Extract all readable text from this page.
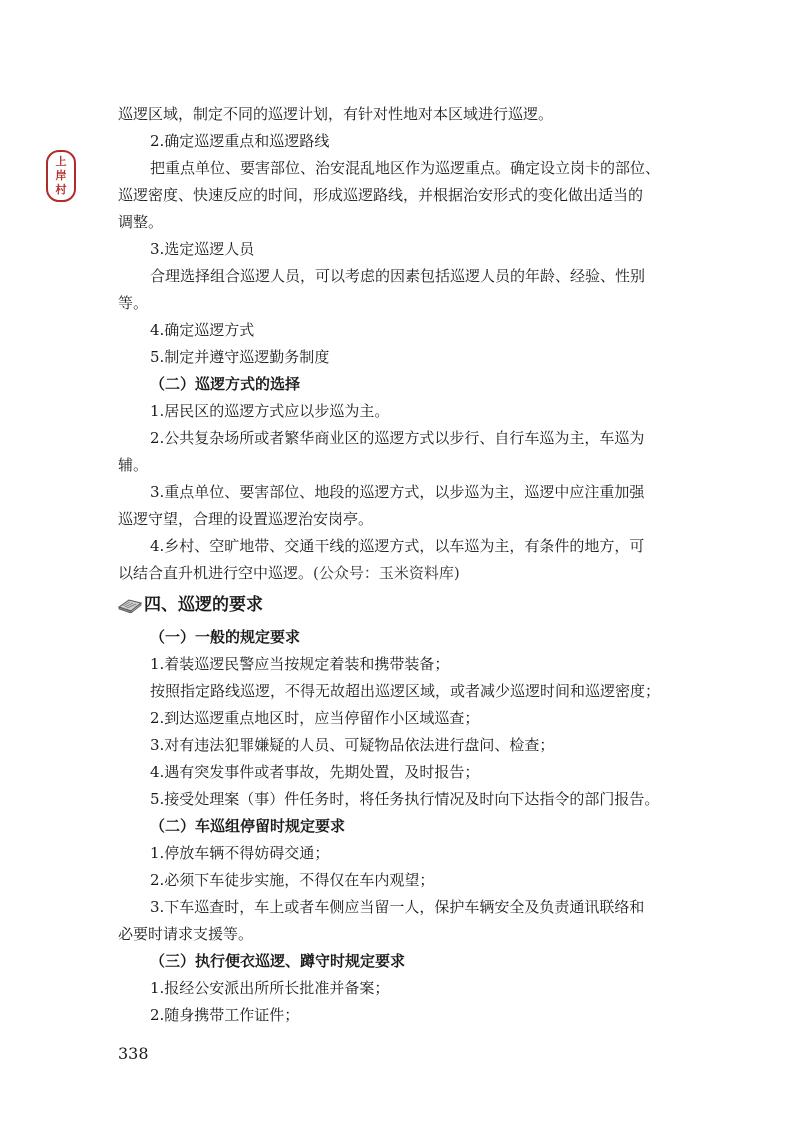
上
岸
村
巡逻区域，制定不同的巡逻计划，有针对性地对本区域进行巡逻。
2.确定巡逻重点和巡逻路线
把重点单位、要害部位、治安混乱地区作为巡逻重点。确定设立岗卡的部位、
巡逻密度、快速反应的时间，形成巡逻路线，并根据治安形式的变化做出适当的
调整。
3.选定巡逻人员
合理选择组合巡逻人员，可以考虑的因素包括巡逻人员的年龄、经验、性别
等。
4.确定巡逻方式
5.制定并遵守巡逻勤务制度
（二）巡逻方式的选择
1.居民区的巡逻方式应以步巡为主。
2.公共复杂场所或者繁华商业区的巡逻方式以步行、自行车巡为主，车巡为
辅。
3.重点单位、要害部位、地段的巡逻方式，以步巡为主，巡逻中应注重加强
巡逻守望，合理的设置巡逻治安岗亭。
4.乡村、空旷地带、交通干线的巡逻方式，以车巡为主，有条件的地方，可
以结合直升机进行空中巡逻。(公众号：玉米资料库)
四、巡逻的要求
（一）一般的规定要求
1.着装巡逻民警应当按规定着装和携带装备；
按照指定路线巡逻，不得无故超出巡逻区域，或者减少巡逻时间和巡逻密度；
2.到达巡逻重点地区时，应当停留作小区域巡查；
3.对有违法犯罪嫌疑的人员、可疑物品依法进行盘问、检查；
4.遇有突发事件或者事故，先期处置，及时报告；
5.接受处理案（事）件任务时，将任务执行情况及时向下达指令的部门报告。
（二）车巡组停留时规定要求
1.停放车辆不得妨碍交通；
2.必须下车徒步实施，不得仅在车内观望；
3.下车巡查时，车上或者车侧应当留一人，保护车辆安全及负责通讯联络和
必要时请求支援等。
（三）执行便衣巡逻、蹲守时规定要求
1.报经公安派出所所长批准并备案；
2.随身携带工作证件；
338
